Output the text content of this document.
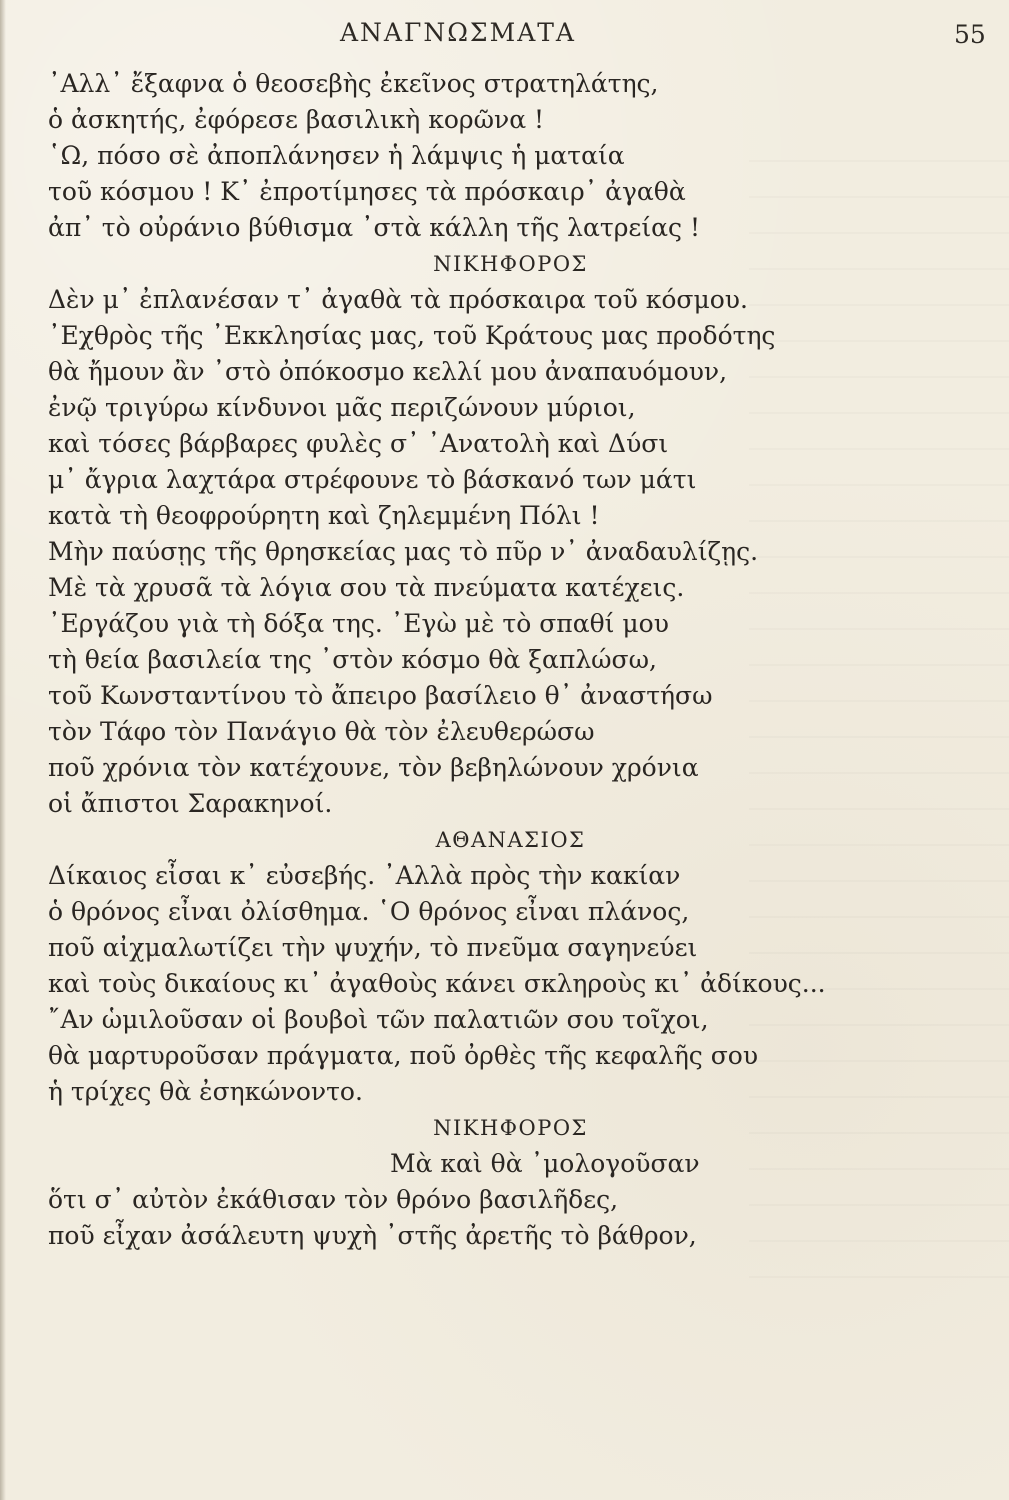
ΑΝΑΓΝΩΣΜΑΤΑ	55
᾿Αλλ᾿ ἔξαφνα ὁ θεοσεβὴς ἐκεῖνος στρατηλάτης,
ὁ ἀσκητής, ἐφόρεσε βασιλικὴ κορῶνα !
῾Ω, πόσο σὲ ἀποπλάνησεν ἡ λάμψις ἡ ματαία
τοῦ κόσμου ! Κ᾿ ἐπροτίμησες τὰ πρόσκαιρ᾿ ἀγαθὰ
ἀπ᾿ τὸ οὐράνιο βύθισμα ᾿στὰ κάλλη τῆς λατρείας !
ΝΙΚΗΦΟΡΟΣ
Δὲν μ᾿ ἐπλανέσαν τ᾿ ἀγαθὰ τὰ πρόσκαιρα τοῦ κόσμου.
᾿Εχθρὸς τῆς ᾿Εκκλησίας μας, τοῦ Κράτους μας προδότης
θὰ ἤμουν ἂν ᾿στὸ ὀπόκοσμο κελλί μου ἀναπαυόμουν,
ἐνῷ τριγύρω κίνδυνοι μᾶς περιζώνουν μύριοι,
καὶ τόσες βάρβαρες φυλὲς σ᾿ ᾿Ανατολὴ καὶ Δύσι
μ᾿ ἄγρια λαχτάρα στρέφουνε τὸ βάσκανό των μάτι
κατὰ τὴ θεοφρούρητη καὶ ζηλεμμένη Πόλι !
Μὴν παύσῃς τῆς θρησκείας μας τὸ πῦρ ν᾿ ἀναδαυλίζῃς.
Μὲ τὰ χρυσᾶ τὰ λόγια σου τὰ πνεύματα κατέχεις.
᾿Εργάζου γιὰ τὴ δόξα της. ᾿Εγὼ μὲ τὸ σπαθί μου
τὴ θεία βασιλεία της ᾿στὸν κόσμο θὰ ξαπλώσω,
τοῦ Κωνσταντίνου τὸ ἄπειρο βασίλειο θ᾿ ἀναστήσω
τὸν Τάφο τὸν Πανάγιο θὰ τὸν ἐλευθερώσω
ποῦ χρόνια τὸν κατέχουνε, τὸν βεβηλώνουν χρόνια
οἱ ἄπιστοι Σαρακηνοί.
ΑΘΑΝΑΣΙΟΣ
Δίκαιος εἶσαι κ᾿ εὐσεβής. ᾿Αλλὰ πρὸς τὴν κακίαν
ὁ θρόνος εἶναι ὀλίσθημα. ῾Ο θρόνος εἶναι πλάνος,
ποῦ αἰχμαλωτίζει τὴν ψυχήν, τὸ πνεῦμα σαγηνεύει
καὶ τοὺς δικαίους κι᾿ ἀγαθοὺς κάνει σκληροὺς κι᾿ ἀδίκους...
῎Αν ὡμιλοῦσαν οἱ βουβοὶ τῶν παλατιῶν σου τοῖχοι,
θὰ μαρτυροῦσαν πράγματα, ποῦ ὀρθὲς τῆς κεφαλῆς σου
ἡ τρίχες θὰ ἐσηκώνοντο.
ΝΙΚΗΦΟΡΟΣ
Μὰ καὶ θὰ ᾿μολογοῦσαν
ὅτι σ᾿ αὐτὸν ἐκάθισαν τὸν θρόνο βασιλῆδες,
ποῦ εἶχαν ἀσάλευτη ψυχὴ ᾿στῆς ἀρετῆς τὸ βάθρον,
